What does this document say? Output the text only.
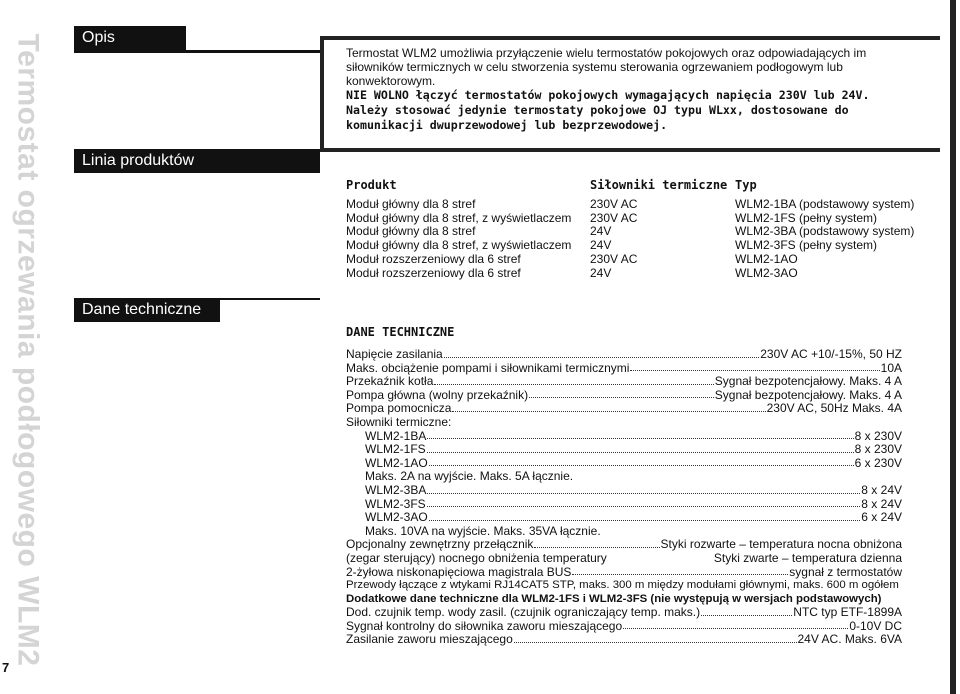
Termostat ogrzewania podłogowego WLM2
7
Opis
Linia produktów
Dane techniczne
Termostat WLM2 umożliwia przyłączenie wielu termostatów pokojowych oraz odpowiadających im siłowników termicznych w celu stworzenia systemu sterowania ogrzewaniem podłogowym lub konwektorowym.
NIE WOLNO łączyć termostatów pokojowych wymagających napięcia 230V lub 24V.
Należy stosować jedynie termostaty pokojowe OJ typu WLxx, dostosowane do komunikacji dwuprzewodowej lub bezprzewodowej.
Produkt	Siłowniki termiczne	Typ
Moduł główny dla 8 stref	230V AC	WLM2-1BA (podstawowy system)
Moduł główny dla 8 stref, z wyświetlaczem	230V AC	WLM2-1FS (pełny system)
Moduł główny dla 8 stref	24V	WLM2-3BA (podstawowy system)
Moduł główny dla 8 stref, z wyświetlaczem	24V	WLM2-3FS (pełny system)
Moduł rozszerzeniowy dla 6 stref	230V AC	WLM2-1AO
Moduł rozszerzeniowy dla 6 stref	24V	WLM2-3AO
DANE TECHNICZNE
Napięcie zasilania	230V AC +10/-15%, 50 HZ
Maks. obciążenie pompami i siłownikami termicznymi	10A
Przekaźnik kotła	Sygnał bezpotencjałowy. Maks. 4 A
Pompa główna (wolny przekaźnik)	Sygnał bezpotencjałowy. Maks. 4 A
Pompa pomocnicza	230V AC, 50Hz Maks. 4A
Siłowniki termiczne:
WLM2-1BA	8 x 230V
WLM2-1FS	8 x 230V
WLM2-1AO	6 x 230V
Maks. 2A na wyjście. Maks. 5A łącznie.
WLM2-3BA	8 x 24V
WLM2-3FS	8 x 24V
WLM2-3AO	6 x 24V
Maks. 10VA na wyjście. Maks. 35VA łącznie.
Opcjonalny zewnętrzny przełącznik	Styki rozwarte – temperatura nocna obniżona
(zegar sterujący) nocnego obniżenia temperatury	Styki zwarte – temperatura dzienna
2-żyłowa niskonapięciowa magistrala BUS	sygnał z termostatów
Przewody łączące z wtykami RJ14CAT5 STP, maks. 300 m między modułami głównymi, maks. 600 m ogółem
Dodatkowe dane techniczne dla WLM2-1FS i WLM2-3FS (nie występują w wersjach podstawowych)
Dod. czujnik temp. wody zasil. (czujnik ograniczający temp. maks.)	NTC typ ETF-1899A
Sygnał kontrolny do siłownika zaworu mieszającego	0-10V DC
Zasilanie zaworu mieszającego	24V AC. Maks. 6VA
